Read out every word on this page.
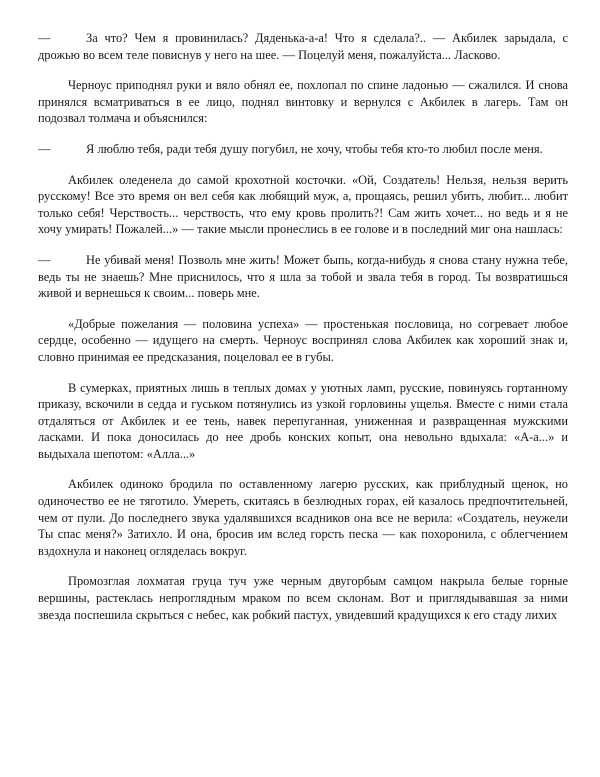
—	За что? Чем я провинилась? Дяденька-а-а! Что я сделала?.. — Акбилек зарыдала, с дрожью во всем теле повиснув у него на шее. — Поцелуй меня, пожалуйста... Ласково.

Черноус приподнял руки и вяло обнял ее, похлопал по спине ладонью — сжалился. И снова принялся всматриваться в ее лицо, поднял винтовку и вернулся с Акбилек в лагерь. Там он подозвал толмача и объяснился:

—	Я люблю тебя, ради тебя душу погубил, не хочу, чтобы тебя кто-то любил после меня.

Акбилек оледенела до самой крохотной косточки. «Ой, Создатель! Нельзя, нельзя верить русскому! Все это время он вел себя как любящий муж, а, прощаясь, решил убить, любит... любит только себя! Черствость... черствость, что ему кровь пролить?! Сам жить хочет... но ведь и я не хочу умирать! Пожалей...» — такие мысли пронеслись в ее голове и в последний миг она нашлась:

—	Не убивай меня! Позволь мне жить! Может быпь, когда-нибудь я снова стану нужна тебе, ведь ты не знаешь? Мне приснилось, что я шла за тобой и звала тебя в город. Ты возвратишься живой и вернешься к своим... поверь мне.

«Добрые пожелания — половина успеха» — простенькая пословица, но согревает любое сердце, особенно — идущего на смерть. Черноус воспринял слова Акбилек как хороший знак и, словно принимая ее предсказания, поцеловал ее в губы.

В сумерках, приятных лишь в теплых домах у уютных ламп, русские, повинуясь гортанному приказу, вскочили в седда и гуськом потянулись из узкой горловины ущелья. Вместе с ними стала отдаляться от Акбилек и ее тень, навек перепуганная, униженная и развращенная мужскими ласками. И пока доносилась до нее дробь конских копыт, она невольно вдыхала: «А-а...» и выдыхала шепотом: «Алла...»

Акбилек одиноко бродила по оставленному лагерю русских, как приблудный щенок, но одиночество ее не тяготило. Умереть, скитаясь в безлюдных горах, ей казалось предпочтительней, чем от пули. До последнего звука удалявшихся всадников она все не верила: «Создатель, неужели Ты спас меня?» Затихло. И она, бросив им вслед горсть песка — как похоронила, с облегчением вздохнула и наконец огляделась вокруг.

Промозглая лохматая груца туч уже черным двугорбым самцом накрыла белые горные вершины, растеклась непроглядным мраком по всем склонам. Вот и приглядывавшая за ними звезда поспешила скрыться с небес, как робкий пастух, увидевший крадущихся к его стаду лихих
